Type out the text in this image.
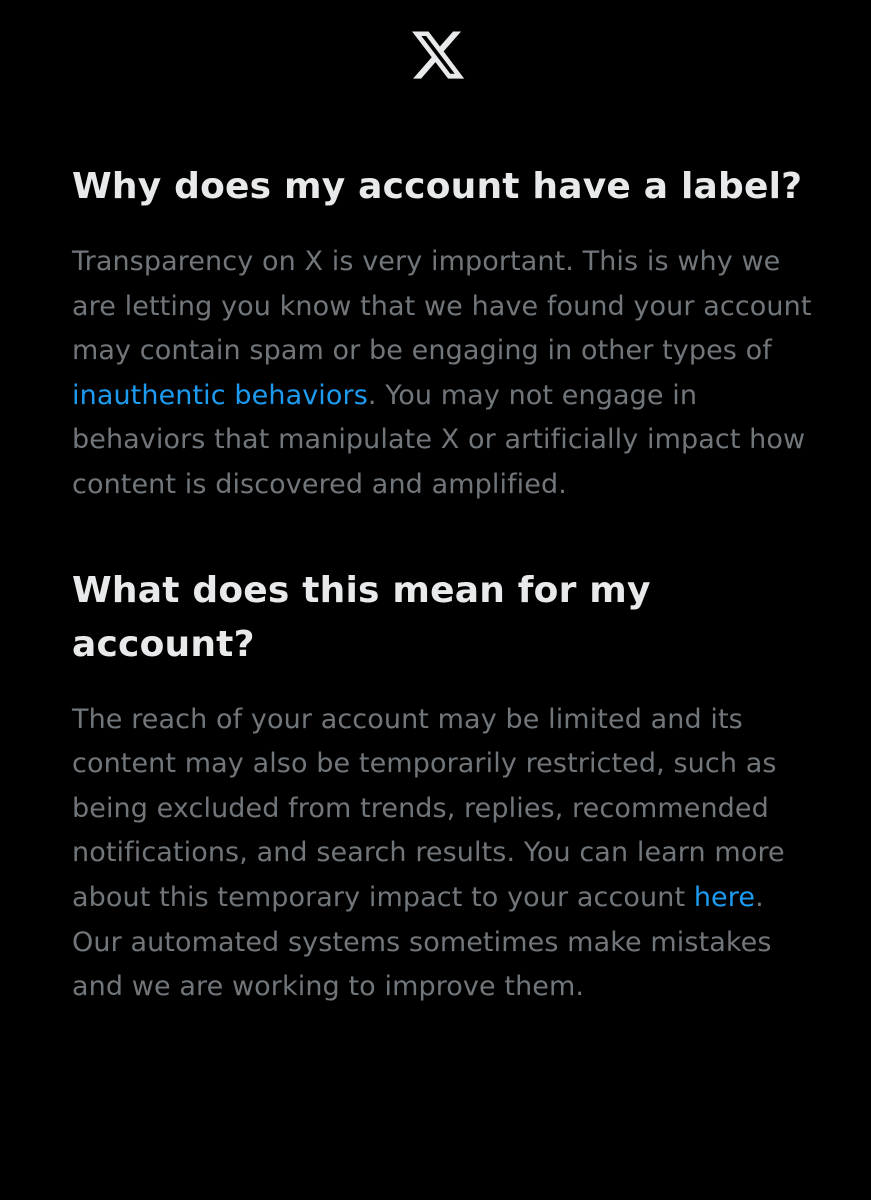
Why does my account have a label?

Transparency on X is very important. This is why we are letting you know that we have found your account may contain spam or be engaging in other types of inauthentic behaviors. You may not engage in behaviors that manipulate X or artificially impact how content is discovered and amplified.

What does this mean for my account?

The reach of your account may be limited and its content may also be temporarily restricted, such as being excluded from trends, replies, recommended notifications, and search results. You can learn more about this temporary impact to your account here. Our automated systems sometimes make mistakes and we are working to improve them.
